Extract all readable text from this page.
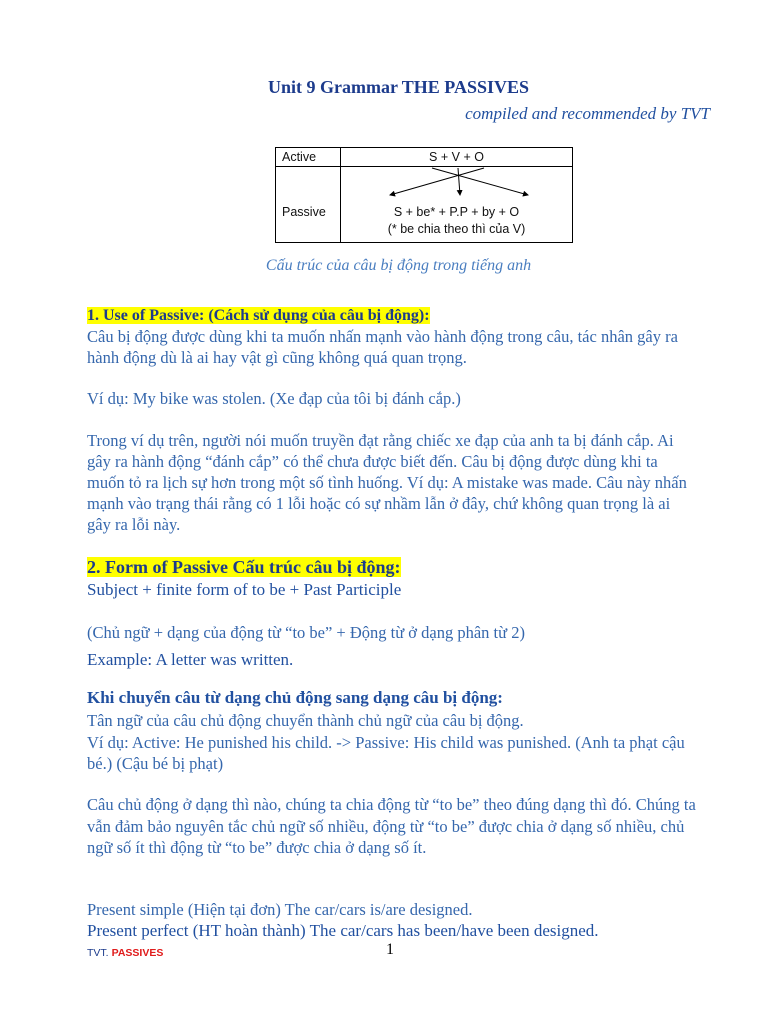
Unit 9 Grammar THE PASSIVES
compiled and recommended by TVT
Active	S + V + O
Passive	S + be* + P.P + by + O
(* be chia theo thì của V)
Cấu trúc của câu bị động trong tiếng anh
1. Use of Passive: (Cách sử dụng của câu bị động):
Câu bị động được dùng khi ta muốn nhấn mạnh vào hành động trong câu, tác nhân gây ra
hành động dù là ai hay vật gì cũng không quá quan trọng.
Ví dụ: My bike was stolen. (Xe đạp của tôi bị đánh cắp.)
Trong ví dụ trên, người nói muốn truyền đạt rằng chiếc xe đạp của anh ta bị đánh cắp. Ai
gây ra hành động “đánh cắp” có thể chưa được biết đến. Câu bị động được dùng khi ta
muốn tỏ ra lịch sự hơn trong một số tình huống. Ví dụ: A mistake was made. Câu này nhấn
mạnh vào trạng thái rằng có 1 lỗi hoặc có sự nhầm lẫn ở đây, chứ không quan trọng là ai
gây ra lỗi này.
2. Form of Passive Cấu trúc câu bị động:
Subject + finite form of to be + Past Participle
(Chủ ngữ + dạng của động từ “to be” + Động từ ở dạng phân từ 2)
Example: A letter was written.
Khi chuyển câu từ dạng chủ động sang dạng câu bị động:
Tân ngữ của câu chủ động chuyển thành chủ ngữ của câu bị động.
Ví dụ: Active: He punished his child. -> Passive: His child was punished. (Anh ta phạt cậu
bé.) (Cậu bé bị phạt)
Câu chủ động ở dạng thì nào, chúng ta chia động từ “to be” theo đúng dạng thì đó. Chúng ta
vẫn đảm bảo nguyên tắc chủ ngữ số nhiều, động từ “to be” được chia ở dạng số nhiều, chủ
ngữ số ít thì động từ “to be” được chia ở dạng số ít.
Present simple (Hiện tại đơn) The car/cars is/are designed.
Present perfect (HT hoàn thành) The car/cars has been/have been designed.
TVT. PASSIVES	1
